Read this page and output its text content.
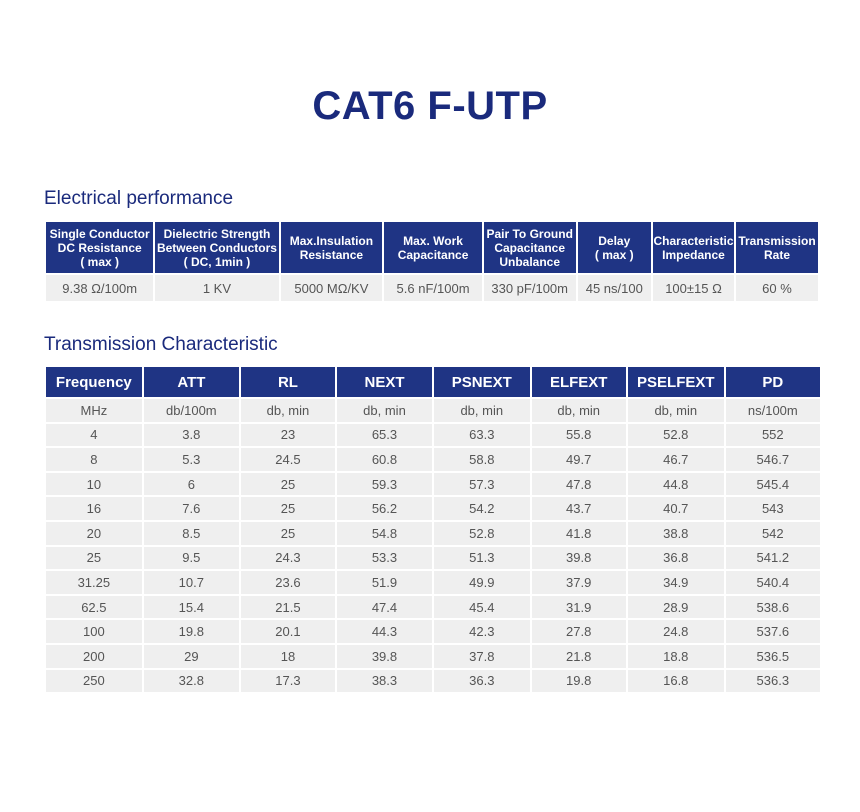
CAT6 F-UTP
Electrical performance
Single Conductor
DC Resistance
( max )	Dielectric Strength
Between Conductors
( DC, 1min )	Max.Insulation
Resistance	Max. Work
Capacitance	Pair To Ground
Capacitance
Unbalance	Delay
( max )	Characteristic
Impedance	Transmission
Rate
9.38 Ω/100m	1 KV	5000 MΩ/KV	5.6 nF/100m	330 pF/100m	45 ns/100	100±15 Ω	60 %
Transmission Characteristic
Frequency	ATT	RL	NEXT	PSNEXT	ELFEXT	PSELFEXT	PD
MHz	db/100m	db, min	db, min	db, min	db, min	db, min	ns/100m
4	3.8	23	65.3	63.3	55.8	52.8	552
8	5.3	24.5	60.8	58.8	49.7	46.7	546.7
10	6	25	59.3	57.3	47.8	44.8	545.4
16	7.6	25	56.2	54.2	43.7	40.7	543
20	8.5	25	54.8	52.8	41.8	38.8	542
25	9.5	24.3	53.3	51.3	39.8	36.8	541.2
31.25	10.7	23.6	51.9	49.9	37.9	34.9	540.4
62.5	15.4	21.5	47.4	45.4	31.9	28.9	538.6
100	19.8	20.1	44.3	42.3	27.8	24.8	537.6
200	29	18	39.8	37.8	21.8	18.8	536.5
250	32.8	17.3	38.3	36.3	19.8	16.8	536.3
